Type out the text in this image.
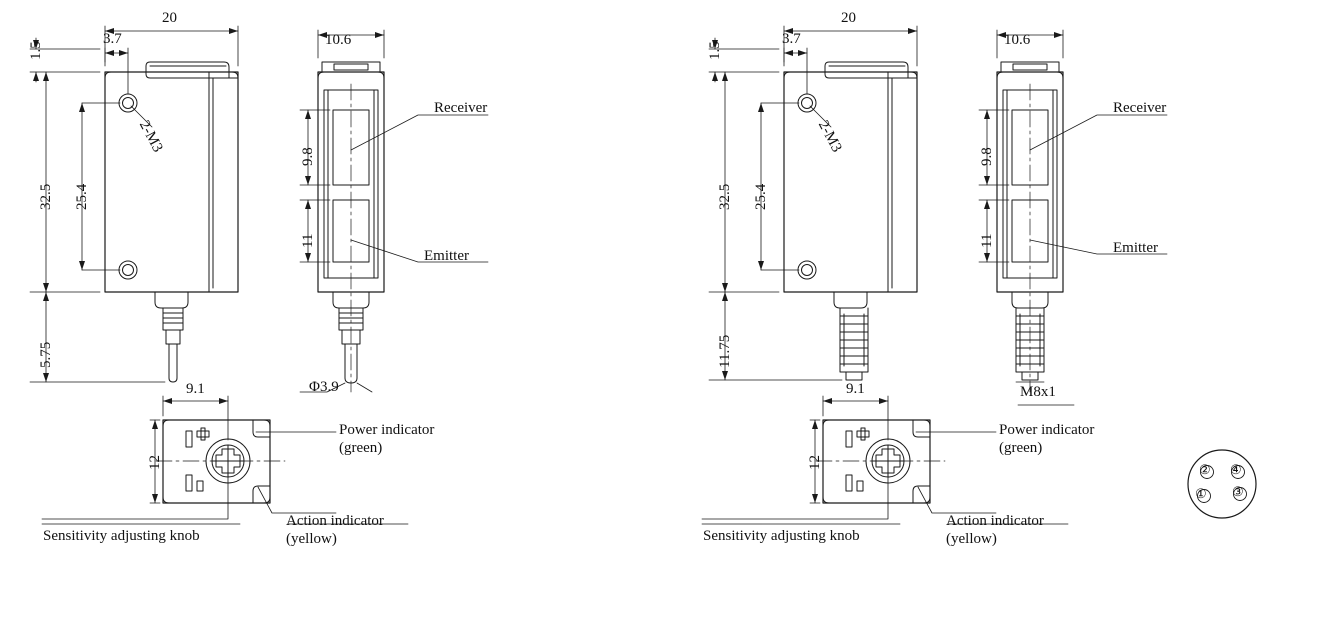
20
1.5
3.7
32.5 25.4
5.75
2-M3
10.6
9.8
11
Φ3.9
Receiver
Emitter
9.1
12
Power indicator
(green)
Action indicator
(yellow)
Sensitivity adjusting knob
20
1.5
3.7
32.5 25.4
11.75
2-M3
10.6
9.8
11
M8x1
Receiver
Emitter
9.1
12
Power indicator
(green)
Action indicator
(yellow)
Sensitivity adjusting knob
①
②
③
④
